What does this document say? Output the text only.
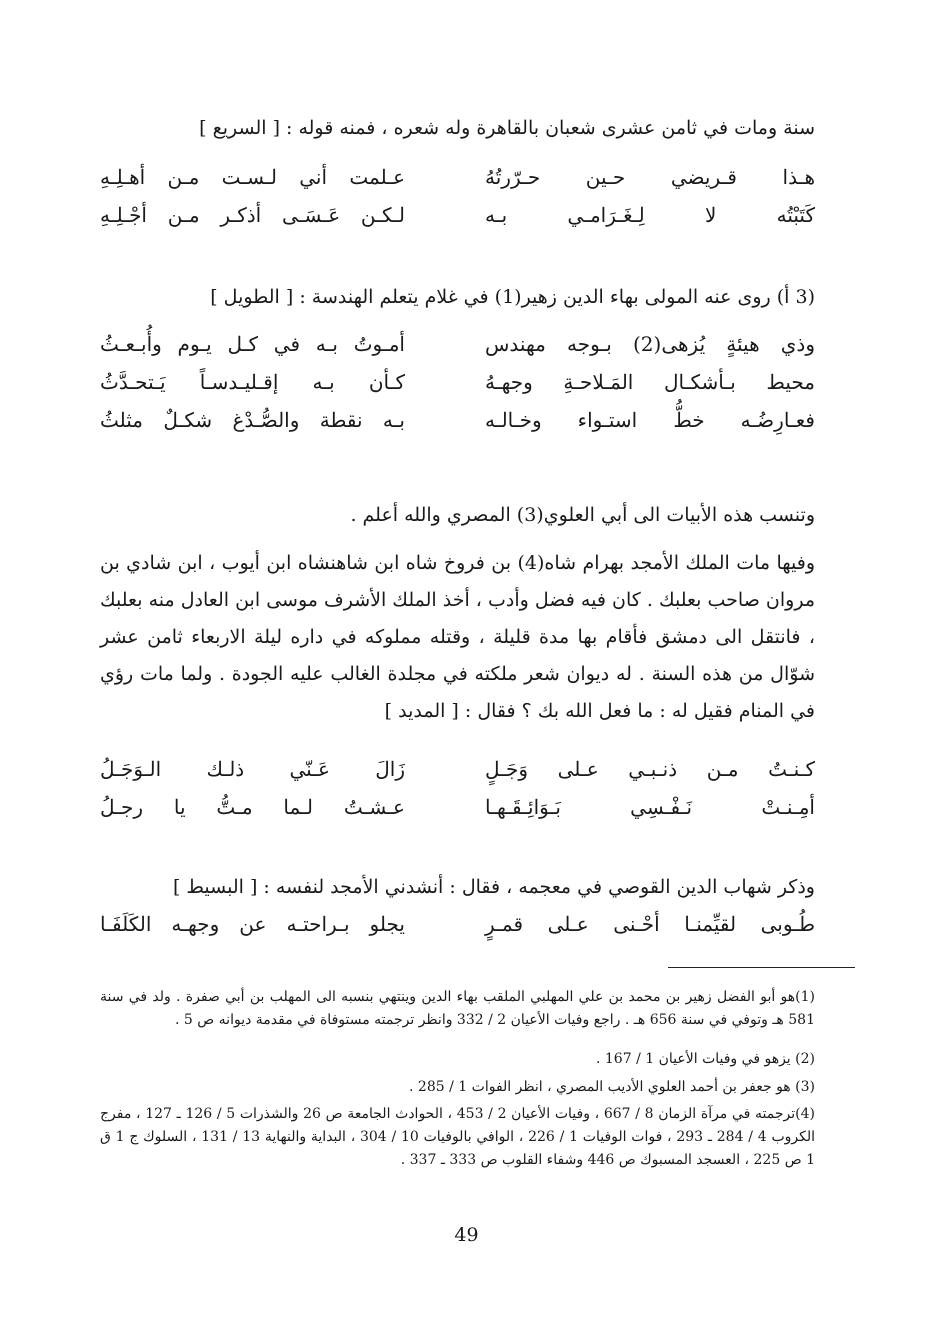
سنة ومات في ثامن عشرى شعبان بالقاهرة وله شعره ، فمنه قوله : [ السريع ]
هـذا قـريضي حـين حـرّرتُهُ
عـلمت أني لـسـت مـن أهـلِـهِ
كَتَبْتُه لا لِـغَـرَامـي بـه
لـكـن عَـسَـى أذكـر مـن أجْـلِـهِ
(3 أ) روى عنه المولى بهاء الدين زهير(1) في غلام يتعلم الهندسة : [ الطويل ]
وذي هيئةٍ يُزهى(2) بـوجه مهندس
أمـوتُ بـه في كـل يـوم وأُبـعـثُ
محيط بـأشكـال المَـلاحـةِ وجهـهُ
كـأن بـه إقـليـدسـاً يَـتحـدَّثُ
فعـارِضُـه خطُّ استـواء وخـالـه
بـه نقطة والصُّـدْغ شكـلٌ مثلثُ
وتنسب هذه الأبيات الى أبي العلوي(3) المصري والله أعلم .
وفيها مات الملك الأمجد بهرام شاه(4) بن فروخ شاه ابن شاهنشاه ابن أيوب ، ابن شادي بن مروان صاحب بعلبك . كان فيه فضل وأدب ، أخذ الملك الأشرف موسى ابن العادل منه بعلبك ، فانتقل الى دمشق فأقام بها مدة قليلة ، وقتله مملوكه في داره ليلة الاربعاء ثامن عشر شوّال من هذه السنة . له ديوان شعر ملكته في مجلدة الغالب عليه الجودة . ولما مات رؤي في المنام فقيل له : ما فعل الله بك ؟ فقال : [ المديد ]
كـنـتُ مـن ذنـبـي عـلى وَجَـلٍ
زَالَ عَـنّي ذلـك الـوَجَـلُ
أمِـنـتْ نَـفْـسِي بَـوَائِـقَـهـا
عـشـتُ لـما مـتُّ يا رجـلُ
وذكر شهاب الدين القوصي في معجمه ، فقال : أنشدني الأمجد لنفسه : [ البسيط ]
طُـوبى لقيِّمنـا أحْـنى عـلى قمـرٍ
يجلو بـراحتـه عن وجهـه الكَلَفَـا
(1)هو أبو الفضل زهير بن محمد بن علي المهلبي الملقب بهاء الدين وينتهي بنسبه الى المهلب بن أبي صفرة . ولد في سنة 581 هـ وتوفي في سنة 656 هـ . راجع وفيات الأعيان 2 / 332 وانظر ترجمته مستوفاة في مقدمة ديوانه ص 5 .
(2) يزهو في وفيات الأعيان 1 / 167 .
(3) هو جعفر بن أحمد العلوي الأديب المصري ، انظر الفوات 1 / 285 .
(4)ترجمته في مرآة الزمان 8 / 667 ، وفيات الأعيان 2 / 453 ، الحوادث الجامعة ص 26 والشذرات 5 / 126 ـ 127 ، مفرج الكروب 4 / 284 ـ 293 ، فوات الوفيات 1 / 226 ، الوافي بالوفيات 10 / 304 ، البداية والنهاية 13 / 131 ، السلوك ج 1 ق 1 ص 225 ، العسجد المسبوك ص 446 وشفاء القلوب ص 333 ـ 337 .
49
